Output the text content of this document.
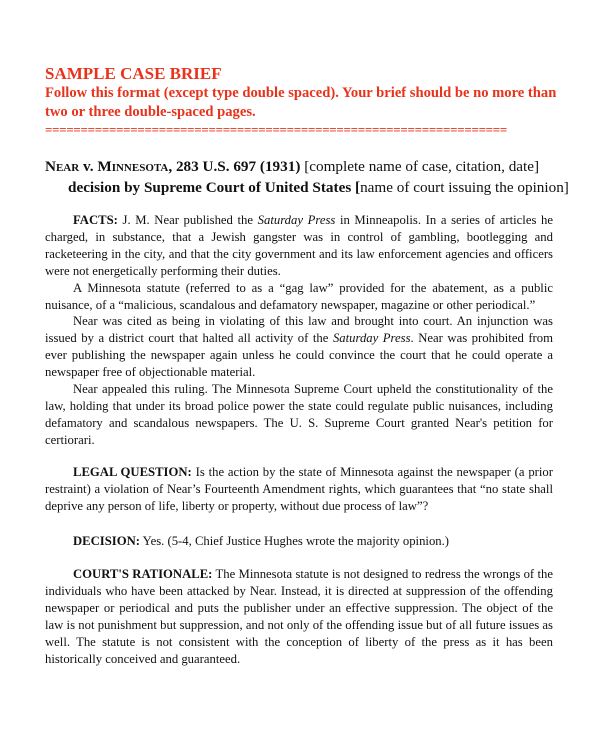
SAMPLE CASE BRIEF

Follow this format (except type double spaced). Your brief should be no more than two or three double-spaced pages.

=================================================================
Near v. Minnesota, 283 U.S. 697 (1931) [complete name of case, citation, date]
decision by Supreme Court of United States [name of court issuing the opinion]

FACTS: J. M. Near published the Saturday Press in Minneapolis. In a series of articles he charged, in substance, that a Jewish gangster was in control of gambling, bootlegging and racketeering in the city, and that the city government and its law enforcement agencies and officers were not energetically performing their duties.

A Minnesota statute (referred to as a “gag law” provided for the abatement, as a public nuisance, of a “malicious, scandalous and defamatory newspaper, magazine or other periodical.”

Near was cited as being in violating of this law and brought into court. An injunction was issued by a district court that halted all activity of the Saturday Press. Near was prohibited from ever publishing the newspaper again unless he could convince the court that he could operate a newspaper free of objectionable material.

Near appealed this ruling. The Minnesota Supreme Court upheld the constitutionality of the law, holding that under its broad police power the state could regulate public nuisances, including defamatory and scandalous newspapers. The U. S. Supreme Court granted Near's petition for certiorari.

LEGAL QUESTION: Is the action by the state of Minnesota against the newspaper (a prior restraint) a violation of Near’s Fourteenth Amendment rights, which guarantees that “no state shall deprive any person of life, liberty or property, without due process of law”?

DECISION: Yes. (5-4, Chief Justice Hughes wrote the majority opinion.)

COURT'S RATIONALE: The Minnesota statute is not designed to redress the wrongs of the individuals who have been attacked by Near. Instead, it is directed at suppression of the offending newspaper or periodical and puts the publisher under an effective suppression. The object of the law is not punishment but suppression, and not only of the offending issue but of all future issues as well. The statute is not consistent with the conception of liberty of the press as it has been historically conceived and guaranteed.
